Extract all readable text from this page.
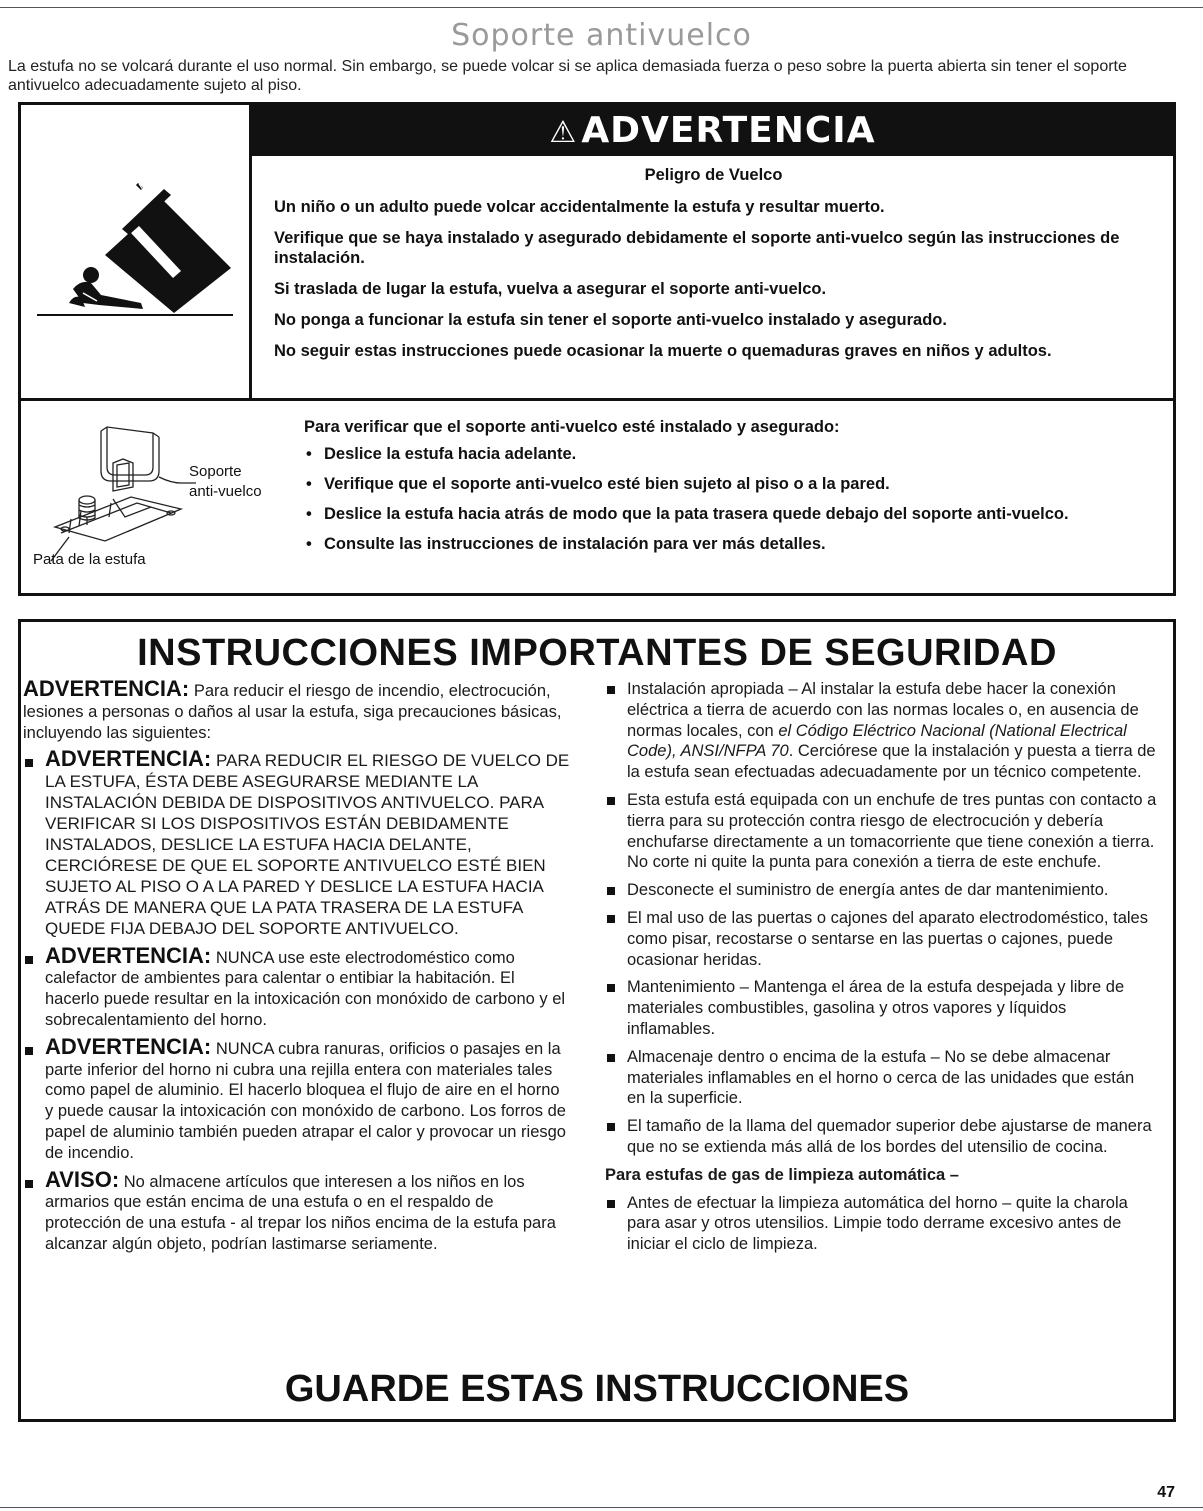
Soporte antivuelco
La estufa no se volcará durante el uso normal. Sin embargo, se puede volcar si se aplica demasiada fuerza o peso sobre la puerta abierta sin tener el soporte antivuelco adecuadamente sujeto al piso.
⚠ ADVERTENCIA
Peligro de Vuelco

Un niño o un adulto puede volcar accidentalmente la estufa y resultar muerto.

Verifique que se haya instalado y asegurado debidamente el soporte anti-vuelco según las instrucciones de instalación.

Si traslada de lugar la estufa, vuelva a asegurar el soporte anti-vuelco.

No ponga a funcionar la estufa sin tener el soporte anti-vuelco instalado y asegurado.

No seguir estas instrucciones puede ocasionar la muerte o quemaduras graves en niños y adultos.

Soporte
anti-vuelco
Pata de la estufa
Para verificar que el soporte anti-vuelco esté instalado y asegurado:
• Deslice la estufa hacia adelante.
• Verifique que el soporte anti-vuelco esté bien sujeto al piso o a la pared.
• Deslice la estufa hacia atrás de modo que la pata trasera quede debajo del soporte anti-vuelco.
• Consulte las instrucciones de instalación para ver más detalles.
INSTRUCCIONES IMPORTANTES DE SEGURIDAD

ADVERTENCIA: Para reducir el riesgo de incendio, electrocución, lesiones a personas o daños al usar la estufa, siga precauciones básicas, incluyendo las siguientes:

ADVERTENCIA: PARA REDUCIR EL RIESGO DE VUELCO DE LA ESTUFA, ÉSTA DEBE ASEGURARSE MEDIANTE LA INSTALACIÓN DEBIDA DE DISPOSITIVOS ANTIVUELCO. PARA VERIFICAR SI LOS DISPOSITIVOS ESTÁN DEBIDAMENTE INSTALADOS, DESLICE LA ESTUFA HACIA DELANTE, CERCIÓRESE DE QUE EL SOPORTE ANTIVUELCO ESTÉ BIEN SUJETO AL PISO O A LA PARED Y DESLICE LA ESTUFA HACIA ATRÁS DE MANERA QUE LA PATA TRASERA DE LA ESTUFA QUEDE FIJA DEBAJO DEL SOPORTE ANTIVUELCO.
ADVERTENCIA: NUNCA use este electrodoméstico como calefactor de ambientes para calentar o entibiar la habitación. El hacerlo puede resultar en la intoxicación con monóxido de carbono y el sobrecalentamiento del horno.
ADVERTENCIA: NUNCA cubra ranuras, orificios o pasajes en la parte inferior del horno ni cubra una rejilla entera con materiales tales como papel de aluminio. El hacerlo bloquea el flujo de aire en el horno y puede causar la intoxicación con monóxido de carbono. Los forros de papel de aluminio también pueden atrapar el calor y provocar un riesgo de incendio.
AVISO: No almacene artículos que interesen a los niños en los armarios que están encima de una estufa o en el respaldo de protección de una estufa - al trepar los niños encima de la estufa para alcanzar algún objeto, podrían lastimarse seriamente.
Instalación apropiada – Al instalar la estufa debe hacer la conexión eléctrica a tierra de acuerdo con las normas locales o, en ausencia de normas locales, con el Código Eléctrico Nacional (National Electrical Code), ANSI/NFPA 70. Cerciórese que la instalación y puesta a tierra de la estufa sean efectuadas adecuadamente por un técnico competente.
Esta estufa está equipada con un enchufe de tres puntas con contacto a tierra para su protección contra riesgo de electrocución y debería enchufarse directamente a un tomacorriente que tiene conexión a tierra. No corte ni quite la punta para conexión a tierra de este enchufe.
Desconecte el suministro de energía antes de dar mantenimiento.
El mal uso de las puertas o cajones del aparato electrodoméstico, tales como pisar, recostarse o sentarse en las puertas o cajones, puede ocasionar heridas.
Mantenimiento – Mantenga el área de la estufa despejada y libre de materiales combustibles, gasolina y otros vapores y líquidos inflamables.
Almacenaje dentro o encima de la estufa – No se debe almacenar materiales inflamables en el horno o cerca de las unidades que están en la superficie.
El tamaño de la llama del quemador superior debe ajustarse de manera que no se extienda más allá de los bordes del utensilio de cocina.
Para estufas de gas de limpieza automática –
Antes de efectuar la limpieza automática del horno – quite la charola para asar y otros utensilios. Limpie todo derrame excesivo antes de iniciar el ciclo de limpieza.
GUARDE ESTAS INSTRUCCIONES
47
